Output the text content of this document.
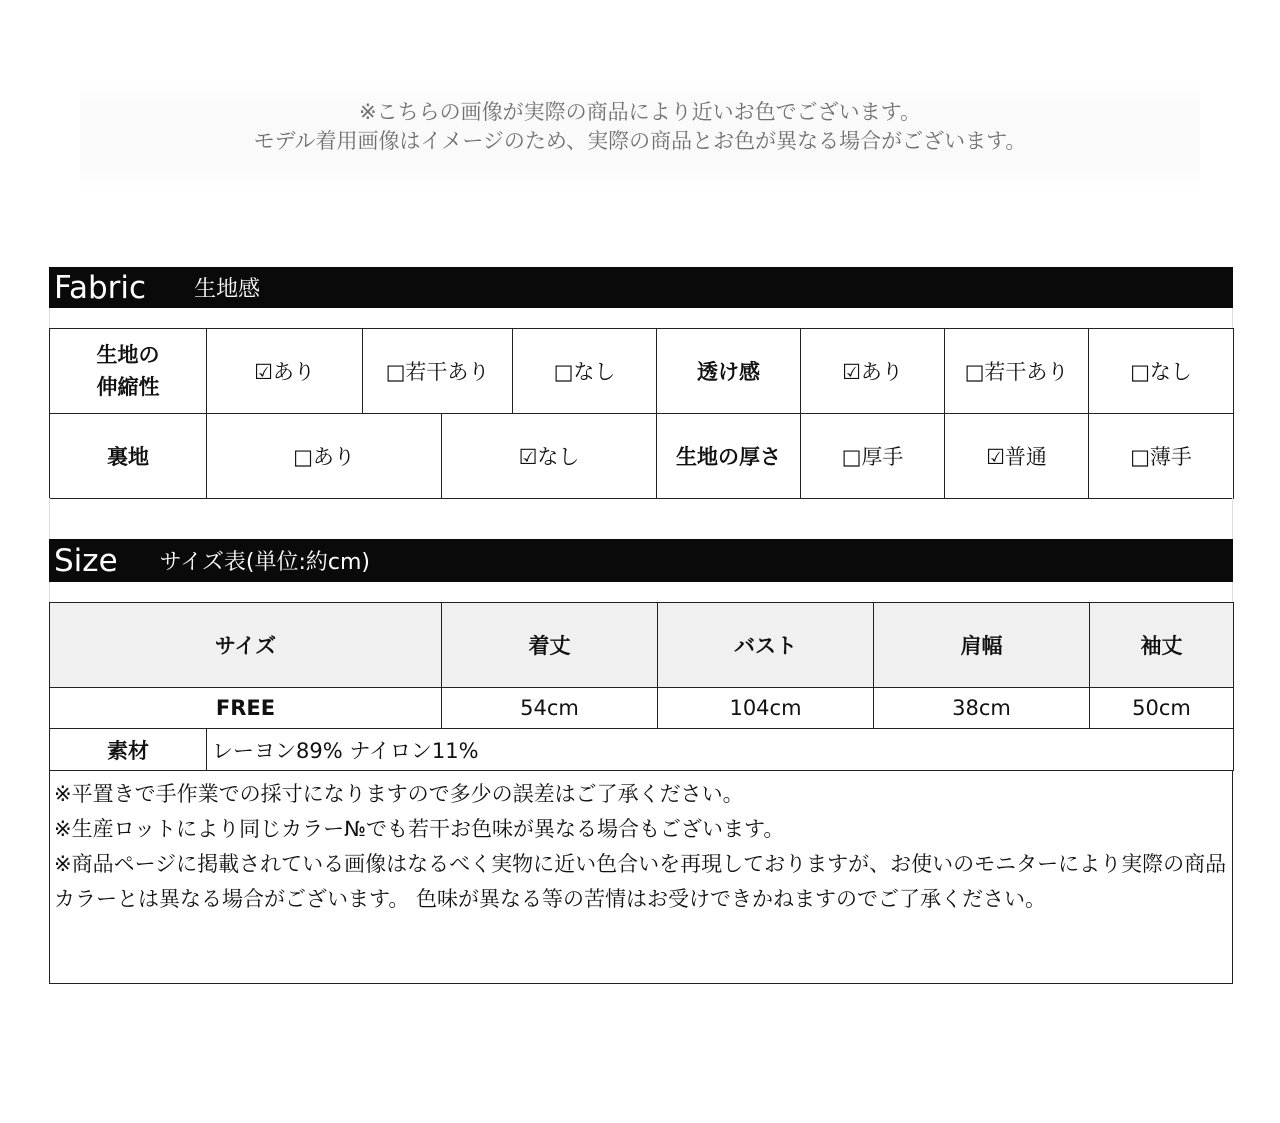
※こちらの画像が実際の商品により近いお色でございます。
モデル着用画像はイメージのため、実際の商品とお色が異なる場合がございます。
Fabric 生地感
生地の
伸縮性	☑あり	□若干あり	□なし	透け感	☑あり	□若干あり	□なし
裏地	□あり	☑なし	生地の厚さ	□厚手	☑普通	□薄手
Size サイズ表(単位:約cm)
サイズ	着丈	バスト	肩幅	袖丈
FREE	54cm	104cm	38cm	50cm
素材	レーヨン89% ナイロン11%

※平置きで手作業での採寸になりますので多少の誤差はご了承ください。

※生産ロットにより同じカラー№でも若干お色味が異なる場合もございます。

※商品ページに掲載されている画像はなるべく実物に近い色合いを再現しておりますが、お使いのモニターにより実際の商品カラーとは異なる場合がございます。 色味が異なる等の苦情はお受けできかねますのでご了承ください。
